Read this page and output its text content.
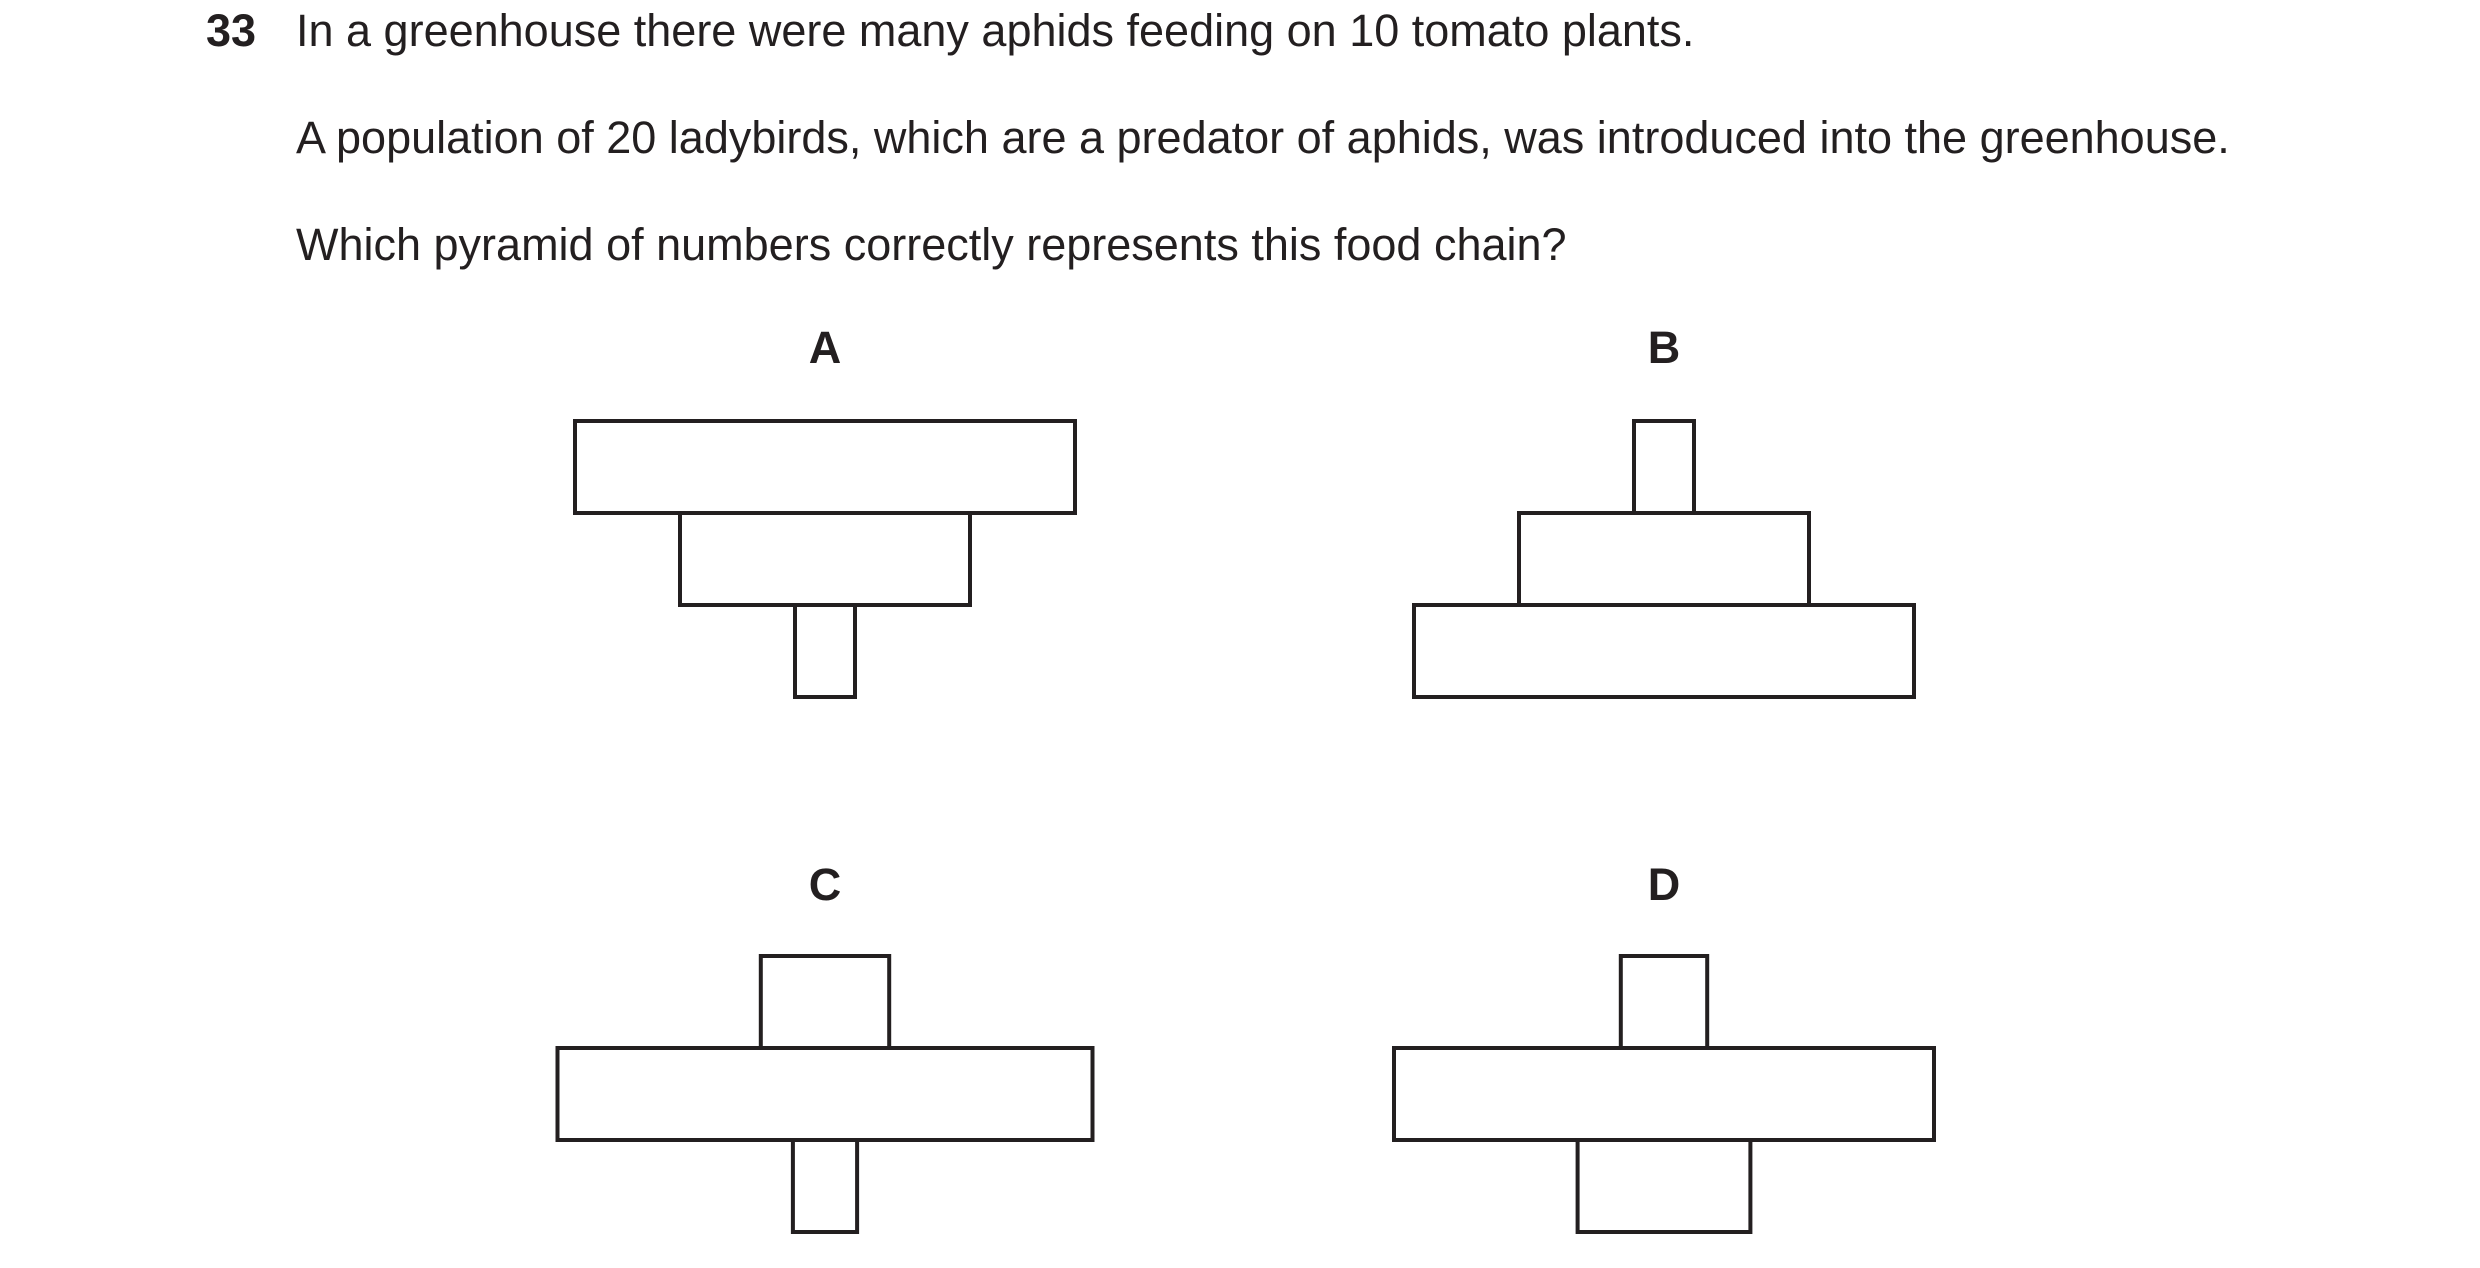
33 In a greenhouse there were many aphids feeding on 10 tomato plants.
A population of 20 ladybirds, which are a predator of aphids, was introduced into the greenhouse.
Which pyramid of numbers correctly represents this food chain?
A	B
C	D
